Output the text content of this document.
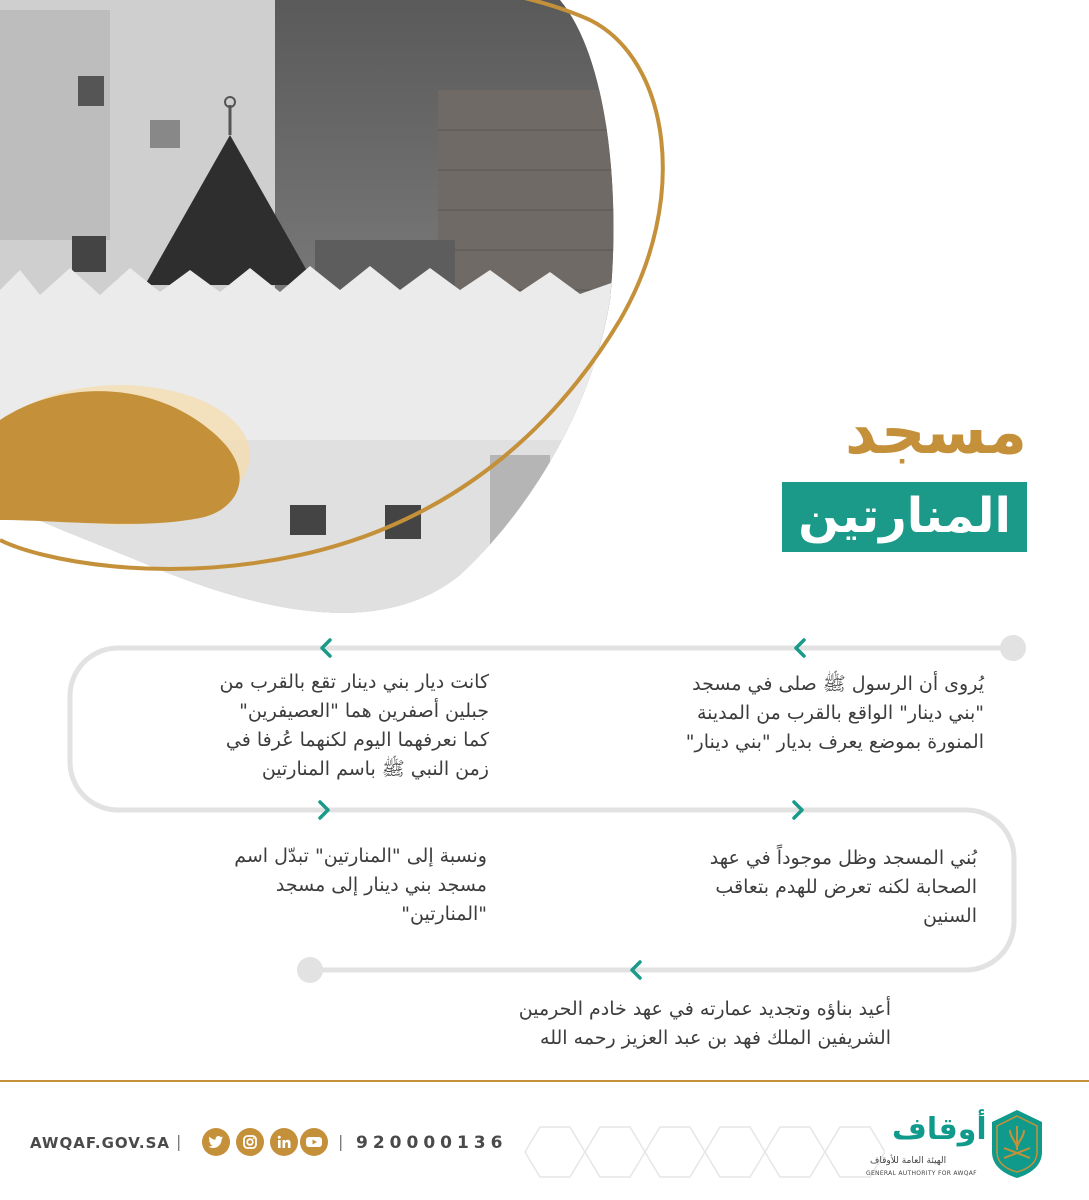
مسجد
المنارتين
يُروى أن الرسول ﷺ صلى في مسجد
"بني دينار" الواقع بالقرب من المدينة
المنورة بموضع يعرف بديار "بني دينار"
كانت ديار بني دينار تقع بالقرب من
جبلين أصفرين هما "العصيفرين"
كما نعرفهما اليوم لكنهما عُرفا في
زمن النبي ﷺ باسم المنارتين
بُني المسجد وظل موجوداً في عهد
الصحابة لكنه تعرض للهدم بتعاقب
السنين
ونسبة إلى "المنارتين" تبدّل اسم
مسجد بني دينار إلى مسجد
"المنارتين"
أعيد بناؤه وتجديد عمارته في عهد خادم الحرمين
الشريفين الملك فهد بن عبد العزيز رحمه الله
AWQAF.GOV.SA |	| 920000136	أوقاف
الهيئة العامة للأوقاف
GENERAL AUTHORITY FOR AWQAF
